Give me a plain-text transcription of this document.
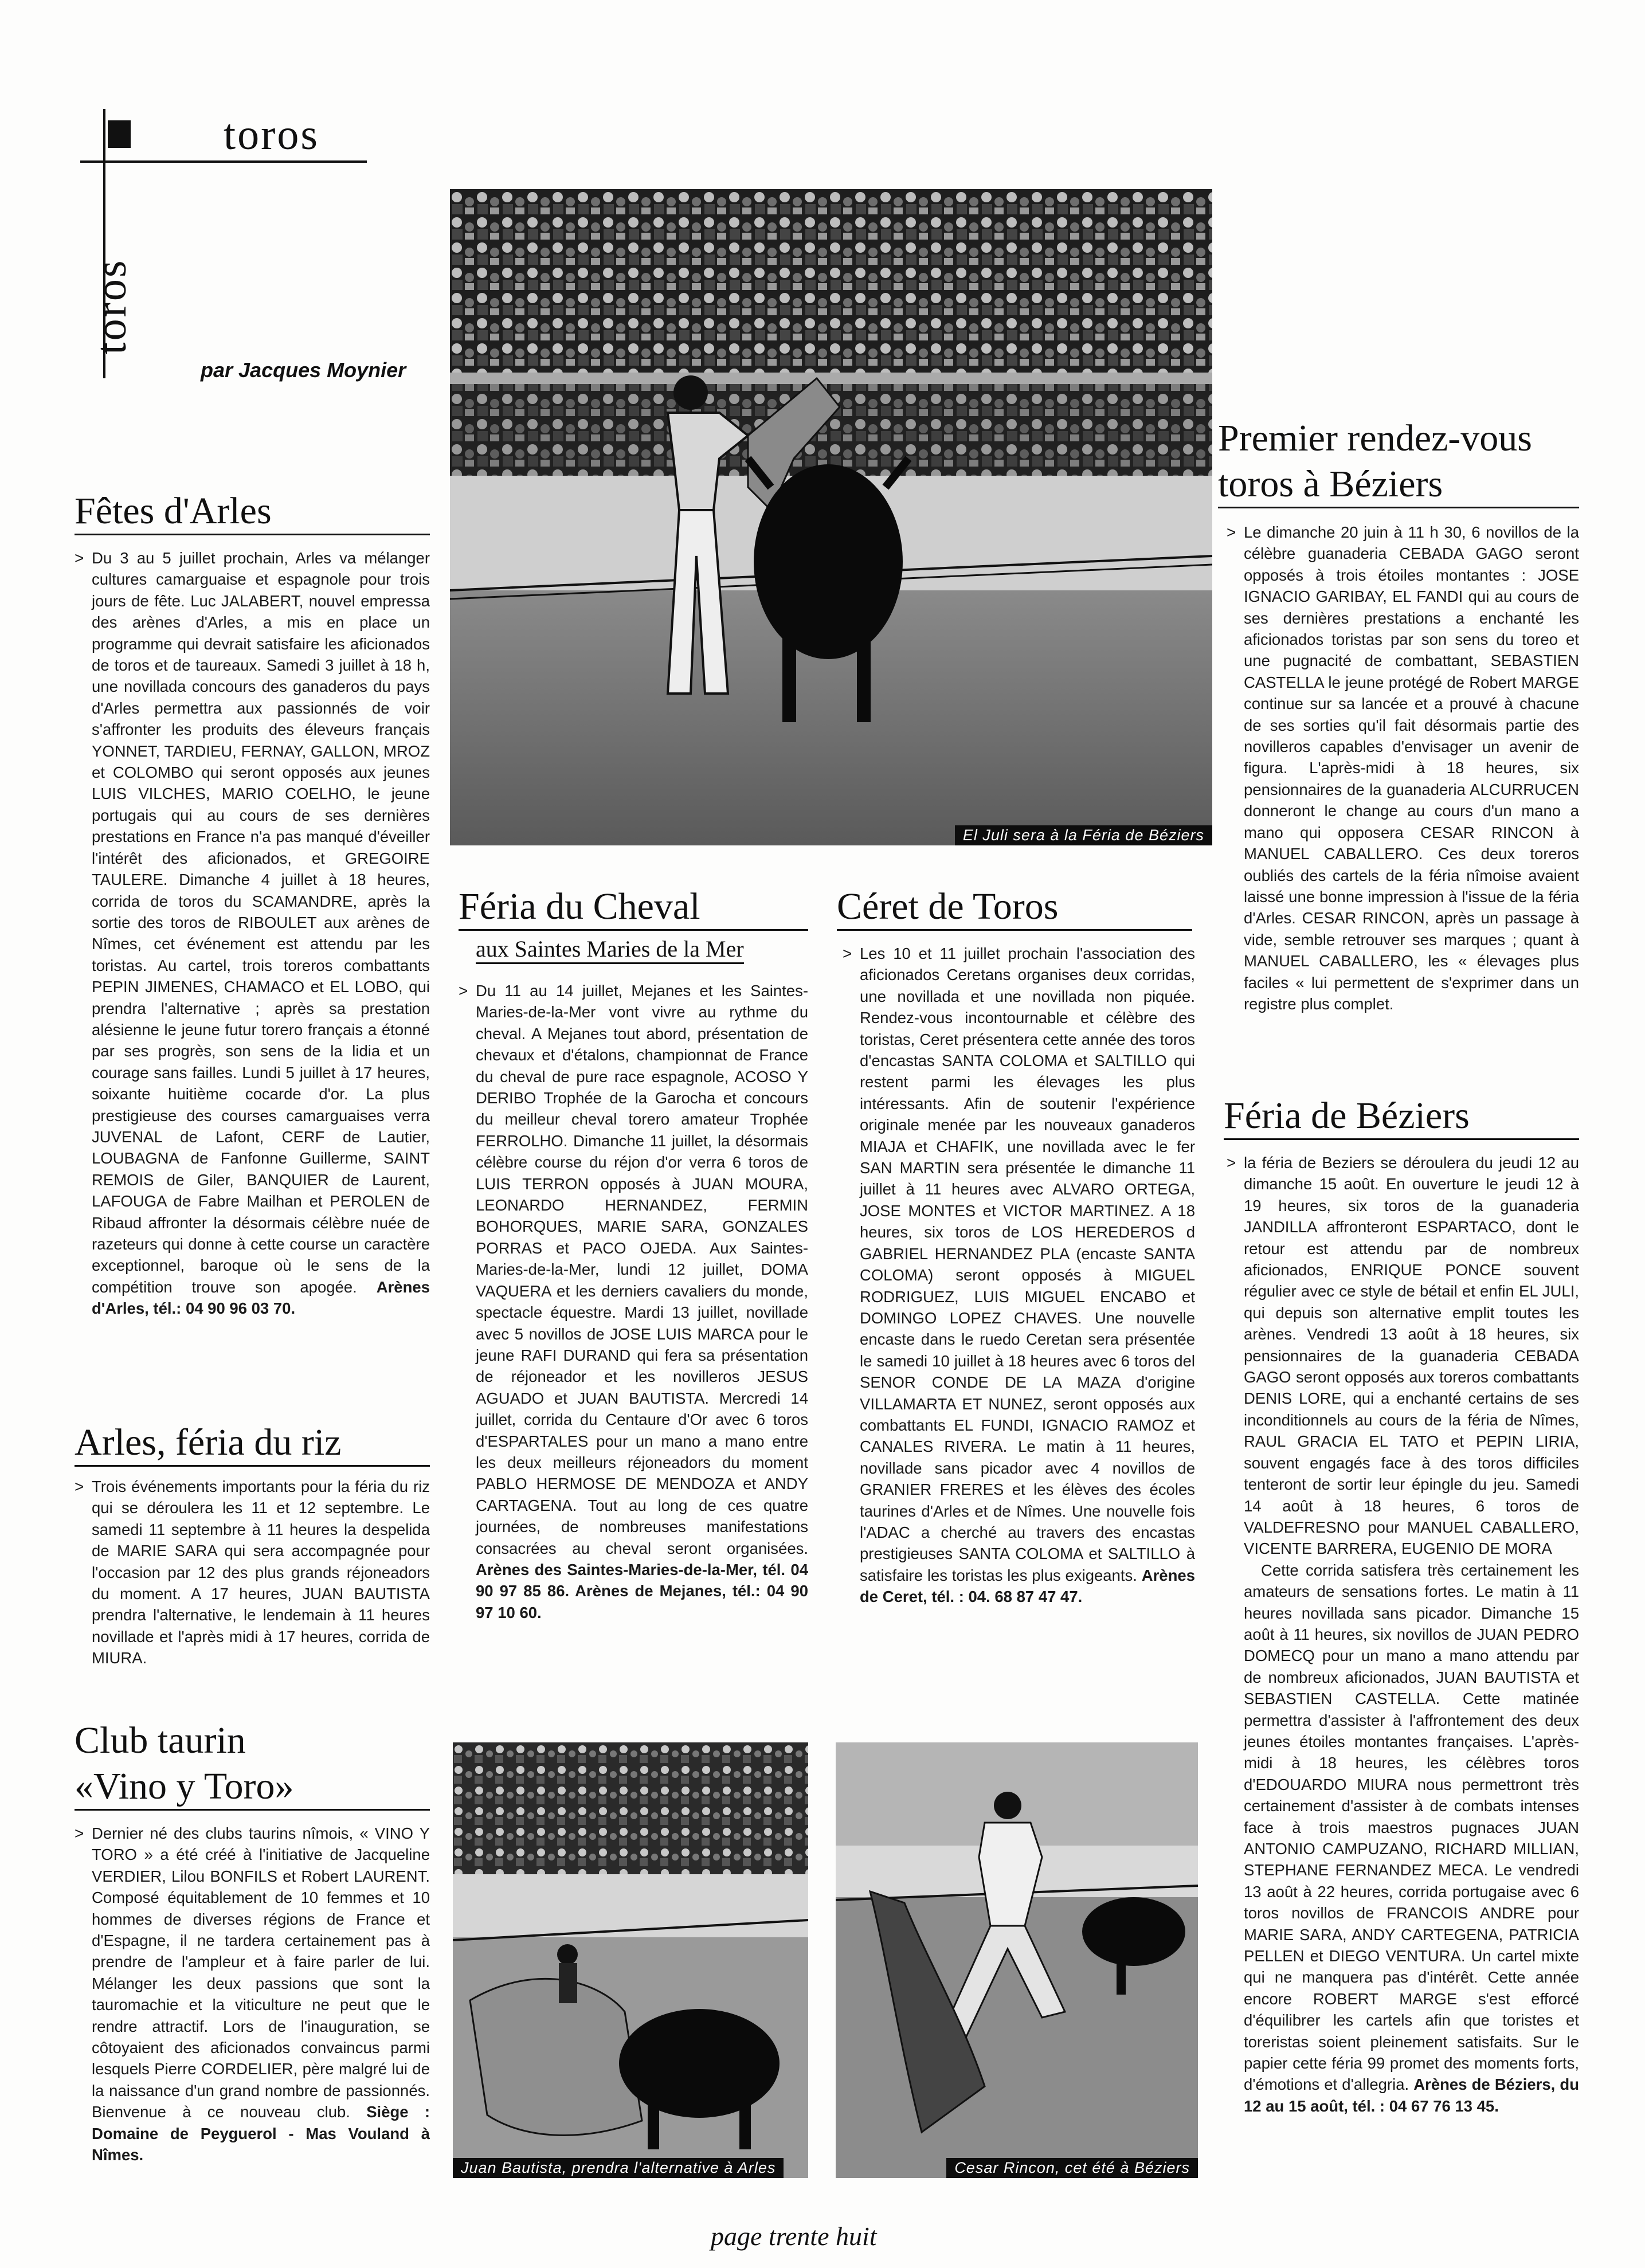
toros
toros
par Jacques Moynier
Fêtes d'Arles
> Du 3 au 5 juillet prochain, Arles va mélanger cultures camarguaise et espagnole pour trois jours de fête. Luc JALABERT, nouvel empressa des arènes d'Arles, a mis en place un programme qui devrait satisfaire les aficionados de toros et de taureaux. Samedi 3 juillet à 18 h, une novillada concours des ganaderos du pays d'Arles permettra aux passionnés de voir s'affronter les produits des éleveurs français YONNET, TARDIEU, FERNAY, GALLON, MROZ et COLOMBO qui seront opposés aux jeunes LUIS VILCHES, MARIO COELHO, le jeune portugais qui au cours de ses dernières prestations en France n'a pas manqué d'éveiller l'intérêt des aficionados, et GREGOIRE TAULERE. Dimanche 4 juillet à 18 heures, corrida de toros du SCAMANDRE, après la sortie des toros de RIBOULET aux arènes de Nîmes, cet événement est attendu par les toristas. Au cartel, trois toreros combattants PEPIN JIMENES, CHAMACO et EL LOBO, qui prendra l'alternative ; après sa prestation alésienne le jeune futur torero français a étonné par ses progrès, son sens de la lidia et un courage sans failles. Lundi 5 juillet à 17 heures, soixante huitième cocarde d'or. La plus prestigieuse des courses camarguaises verra JUVENAL de Lafont, CERF de Lautier, LOUBAGNA de Fanfonne Guillerme, SAINT REMOIS de Giler, BANQUIER de Laurent, LAFOUGA de Fabre Mailhan et PEROLEN de Ribaud affronter la désormais célèbre nuée de razeteurs qui donne à cette course un caractère exceptionnel, baroque où le sens de la compétition trouve son apogée. Arènes d'Arles, tél.: 04 90 96 03 70.
Arles, féria du riz
> Trois événements importants pour la féria du riz qui se déroulera les 11 et 12 septembre. Le samedi 11 septembre à 11 heures la despelida de MARIE SARA qui sera accompagnée pour l'occasion par 12 des plus grands réjoneadors du moment. A 17 heures, JUAN BAUTISTA prendra l'alternative, le lendemain à 11 heures novillade et l'après midi à 17 heures, corrida de MIURA.
Club taurin
«Vino y Toro»
> Dernier né des clubs taurins nîmois, « VINO Y TORO » a été créé à l'initiative de Jacqueline VERDIER, Lilou BONFILS et Robert LAURENT. Composé équitablement de 10 femmes et 10 hommes de diverses régions de France et d'Espagne, il ne tardera certainement pas à prendre de l'ampleur et à faire parler de lui. Mélanger les deux passions que sont la tauromachie et la viticulture ne peut que le rendre attractif. Lors de l'inauguration, se côtoyaient des aficionados convaincus parmi lesquels Pierre CORDELIER, père malgré lui de la naissance d'un grand nombre de passionnés. Bienvenue à ce nouveau club. Siège : Domaine de Peyguerol - Mas Vouland à Nîmes.
El Juli sera à la Féria de Béziers
Féria du Cheval
aux Saintes Maries de la Mer
> Du 11 au 14 juillet, Mejanes et les Saintes-Maries-de-la-Mer vont vivre au rythme du cheval. A Mejanes tout abord, présentation de chevaux et d'étalons, championnat de France du cheval de pure race espagnole, ACOSO Y DERIBO Trophée de la Garocha et concours du meilleur cheval torero amateur Trophée FERROLHO. Dimanche 11 juillet, la désormais célèbre course du réjon d'or verra 6 toros de LUIS TERRON opposés à JUAN MOURA, LEONARDO HERNANDEZ, FERMIN BOHORQUES, MARIE SARA, GONZALES PORRAS et PACO OJEDA. Aux Saintes-Maries-de-la-Mer, lundi 12 juillet, DOMA VAQUERA et les derniers cavaliers du monde, spectacle équestre. Mardi 13 juillet, novillade avec 5 novillos de JOSE LUIS MARCA pour le jeune RAFI DURAND qui fera sa présentation de réjoneador et les novilleros JESUS AGUADO et JUAN BAUTISTA. Mercredi 14 juillet, corrida du Centaure d'Or avec 6 toros d'ESPARTALES pour un mano a mano entre les deux meilleurs réjoneadors du moment PABLO HERMOSE DE MENDOZA et ANDY CARTAGENA. Tout au long de ces quatre journées, de nombreuses manifestations consacrées au cheval seront organisées. Arènes des Saintes-Maries-de-la-Mer, tél. 04 90 97 85 86. Arènes de Mejanes, tél.: 04 90 97 10 60.
Céret de Toros
> Les 10 et 11 juillet prochain l'association des aficionados Ceretans organises deux corridas, une novillada et une novillada non piquée. Rendez-vous incontournable et célèbre des toristas, Ceret présentera cette année des toros d'encastas SANTA COLOMA et SALTILLO qui restent parmi les élevages les plus intéressants. Afin de soutenir l'expérience originale menée par les nouveaux ganaderos MIAJA et CHAFIK, une novillada avec le fer SAN MARTIN sera présentée le dimanche 11 juillet à 11 heures avec ALVARO ORTEGA, JOSE MONTES et VICTOR MARTINEZ. A 18 heures, six toros de LOS HEREDEROS d GABRIEL HERNANDEZ PLA (encaste SANTA COLOMA) seront opposés à MIGUEL RODRIGUEZ, LUIS MIGUEL ENCABO et DOMINGO LOPEZ CHAVES. Une nouvelle encaste dans le ruedo Ceretan sera présentée le samedi 10 juillet à 18 heures avec 6 toros del SENOR CONDE DE LA MAZA d'origine VILLAMARTA ET NUNEZ, seront opposés aux combattants EL FUNDI, IGNACIO RAMOZ et CANALES RIVERA. Le matin à 11 heures, novillade sans picador avec 4 novillos de GRANIER FRERES et les élèves des écoles taurines d'Arles et de Nîmes. Une nouvelle fois l'ADAC a cherché au travers des encastas prestigieuses SANTA COLOMA et SALTILLO à satisfaire les toristas les plus exigeants. Arènes de Ceret, tél. : 04. 68 87 47 47.
Juan Bautista, prendra l'alternative à Arles	Cesar Rincon, cet été à Béziers
Premier rendez-vous
toros à Béziers
> Le dimanche 20 juin à 11 h 30, 6 novillos de la célèbre guanaderia CEBADA GAGO seront opposés à trois étoiles montantes : JOSE IGNACIO GARIBAY, EL FANDI qui au cours de ses dernières prestations a enchanté les aficionados toristas par son sens du toreo et une pugnacité de combattant, SEBASTIEN CASTELLA le jeune protégé de Robert MARGE continue sur sa lancée et a prouvé à chacune de ses sorties qu'il fait désormais partie des novilleros capables d'envisager un avenir de figura. L'après-midi à 18 heures, six pensionnaires de la guanaderia ALCURRUCEN donneront le change au cours d'un mano a mano qui opposera CESAR RINCON à MANUEL CABALLERO. Ces deux toreros oubliés des cartels de la féria nîmoise avaient laissé une bonne impression à l'issue de la féria d'Arles. CESAR RINCON, après un passage à vide, semble retrouver ses marques ; quant à MANUEL CABALLERO, les « élevages plus faciles « lui permettent de s'exprimer dans un registre plus complet.
Féria de Béziers
> la féria de Beziers se déroulera du jeudi 12 au dimanche 15 août. En ouverture le jeudi 12 à 19 heures, six toros de la guanaderia JANDILLA affronteront ESPARTACO, dont le retour est attendu par de nombreux aficionados, ENRIQUE PONCE souvent régulier avec ce style de bétail et enfin EL JULI, qui depuis son alternative emplit toutes les arènes. Vendredi 13 août à 18 heures, six pensionnaires de la guanaderia CEBADA GAGO seront opposés aux toreros combattants DENIS LORE, qui a enchanté certains de ses inconditionnels au cours de la féria de Nîmes, RAUL GRACIA EL TATO et PEPIN LIRIA, souvent engagés face à des toros difficiles tenteront de sortir leur épingle du jeu. Samedi 14 août à 18 heures, 6 toros de VALDEFRESNO pour MANUEL CABALLERO, VICENTE BARRERA, EUGENIO DE MORA
Cette corrida satisfera très certainement les amateurs de sensations fortes. Le matin à 11 heures novillada sans picador. Dimanche 15 août à 11 heures, six novillos de JUAN PEDRO DOMECQ pour un mano a mano attendu par de nombreux aficionados, JUAN BAUTISTA et SEBASTIEN CASTELLA. Cette matinée permettra d'assister à l'affrontement des deux jeunes étoiles montantes françaises. L'après-midi à 18 heures, les célèbres toros d'EDOUARDO MIURA nous permettront très certainement d'assister à de combats intenses face à trois maestros pugnaces JUAN ANTONIO CAMPUZANO, RICHARD MILLIAN, STEPHANE FERNANDEZ MECA. Le vendredi 13 août à 22 heures, corrida portugaise avec 6 toros novillos de FRANCOIS ANDRE pour MARIE SARA, ANDY CARTEGENA, PATRICIA PELLEN et DIEGO VENTURA. Un cartel mixte qui ne manquera pas d'intérêt. Cette année encore ROBERT MARGE s'est efforcé d'équilibrer les cartels afin que toristes et toreristas soient pleinement satisfaits. Sur le papier cette féria 99 promet des moments forts, d'émotions et d'allegria. Arènes de Béziers, du 12 au 15 août, tél. : 04 67 76 13 45.
page trente huit
